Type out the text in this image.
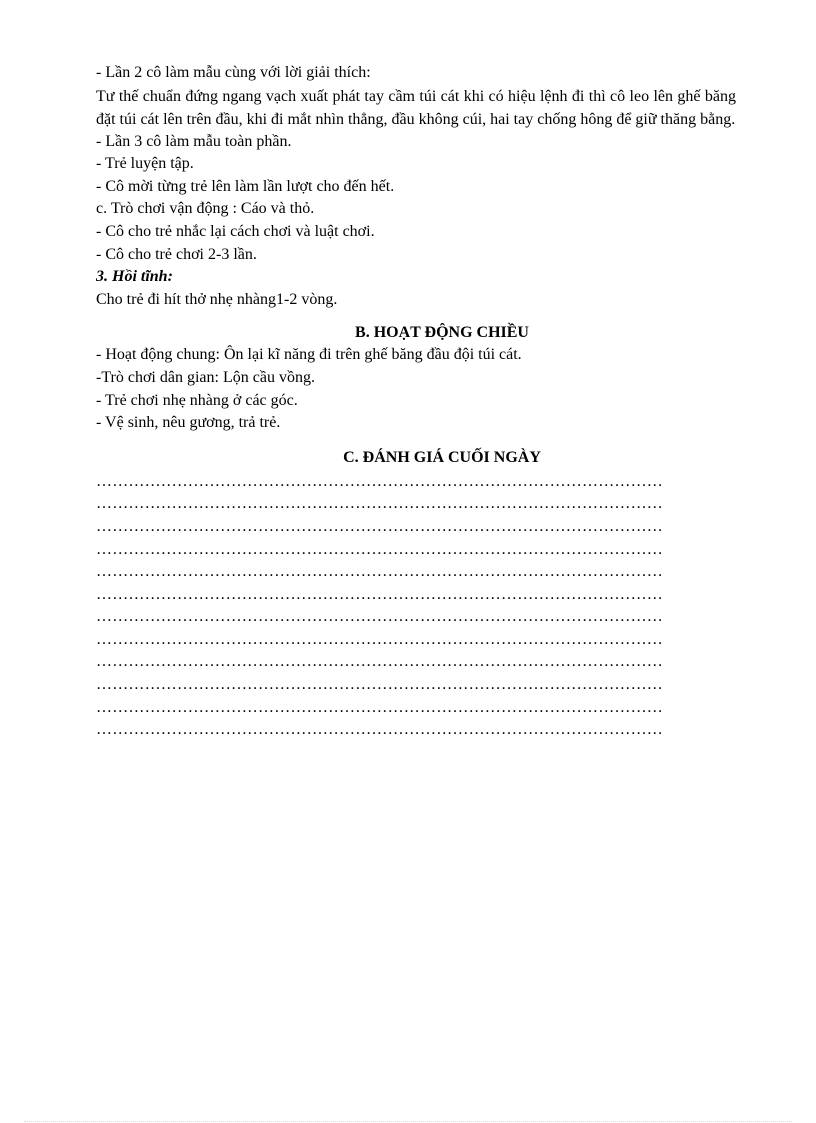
- Lần 2 cô làm mẫu cùng với lời giải thích:
Tư thế chuẩn đứng ngang vạch xuất phát tay cầm túi cát khi có hiệu lệnh đi thì cô leo lên ghế băng đặt túi cát lên trên đầu, khi đi mắt nhìn thẳng, đầu không cúi, hai tay chống hông để giữ thăng bằng.
- Lần 3 cô làm mẫu toàn phần.
- Trẻ luyện tập.
- Cô mời từng trẻ lên làm lần lượt cho đến hết.
c. Trò chơi vận động : Cáo và thỏ.
- Cô cho trẻ nhắc lại cách chơi và luật chơi.
- Cô cho trẻ chơi 2-3 lần.
3. Hồi tĩnh:
Cho trẻ đi hít thở nhẹ nhàng1-2 vòng.
B. HOẠT ĐỘNG CHIỀU
- Hoạt động chung: Ôn lại kĩ năng đi trên ghế băng đầu đội túi cát.
-Trò chơi dân gian: Lộn cầu vồng.
- Trẻ chơi nhẹ nhàng ở các góc.
- Vệ sinh, nêu gương, trả trẻ.
C. ĐÁNH GIÁ CUỐI NGÀY
……………………………………………………………………………………………
……………………………………………………………………………………………
……………………………………………………………………………………………
……………………………………………………………………………………………
……………………………………………………………………………………………
……………………………………………………………………………………………
……………………………………………………………………………………………
……………………………………………………………………………………………
……………………………………………………………………………………………
……………………………………………………………………………………………
……………………………………………………………………………………………
……………………………………………………………………………………………
